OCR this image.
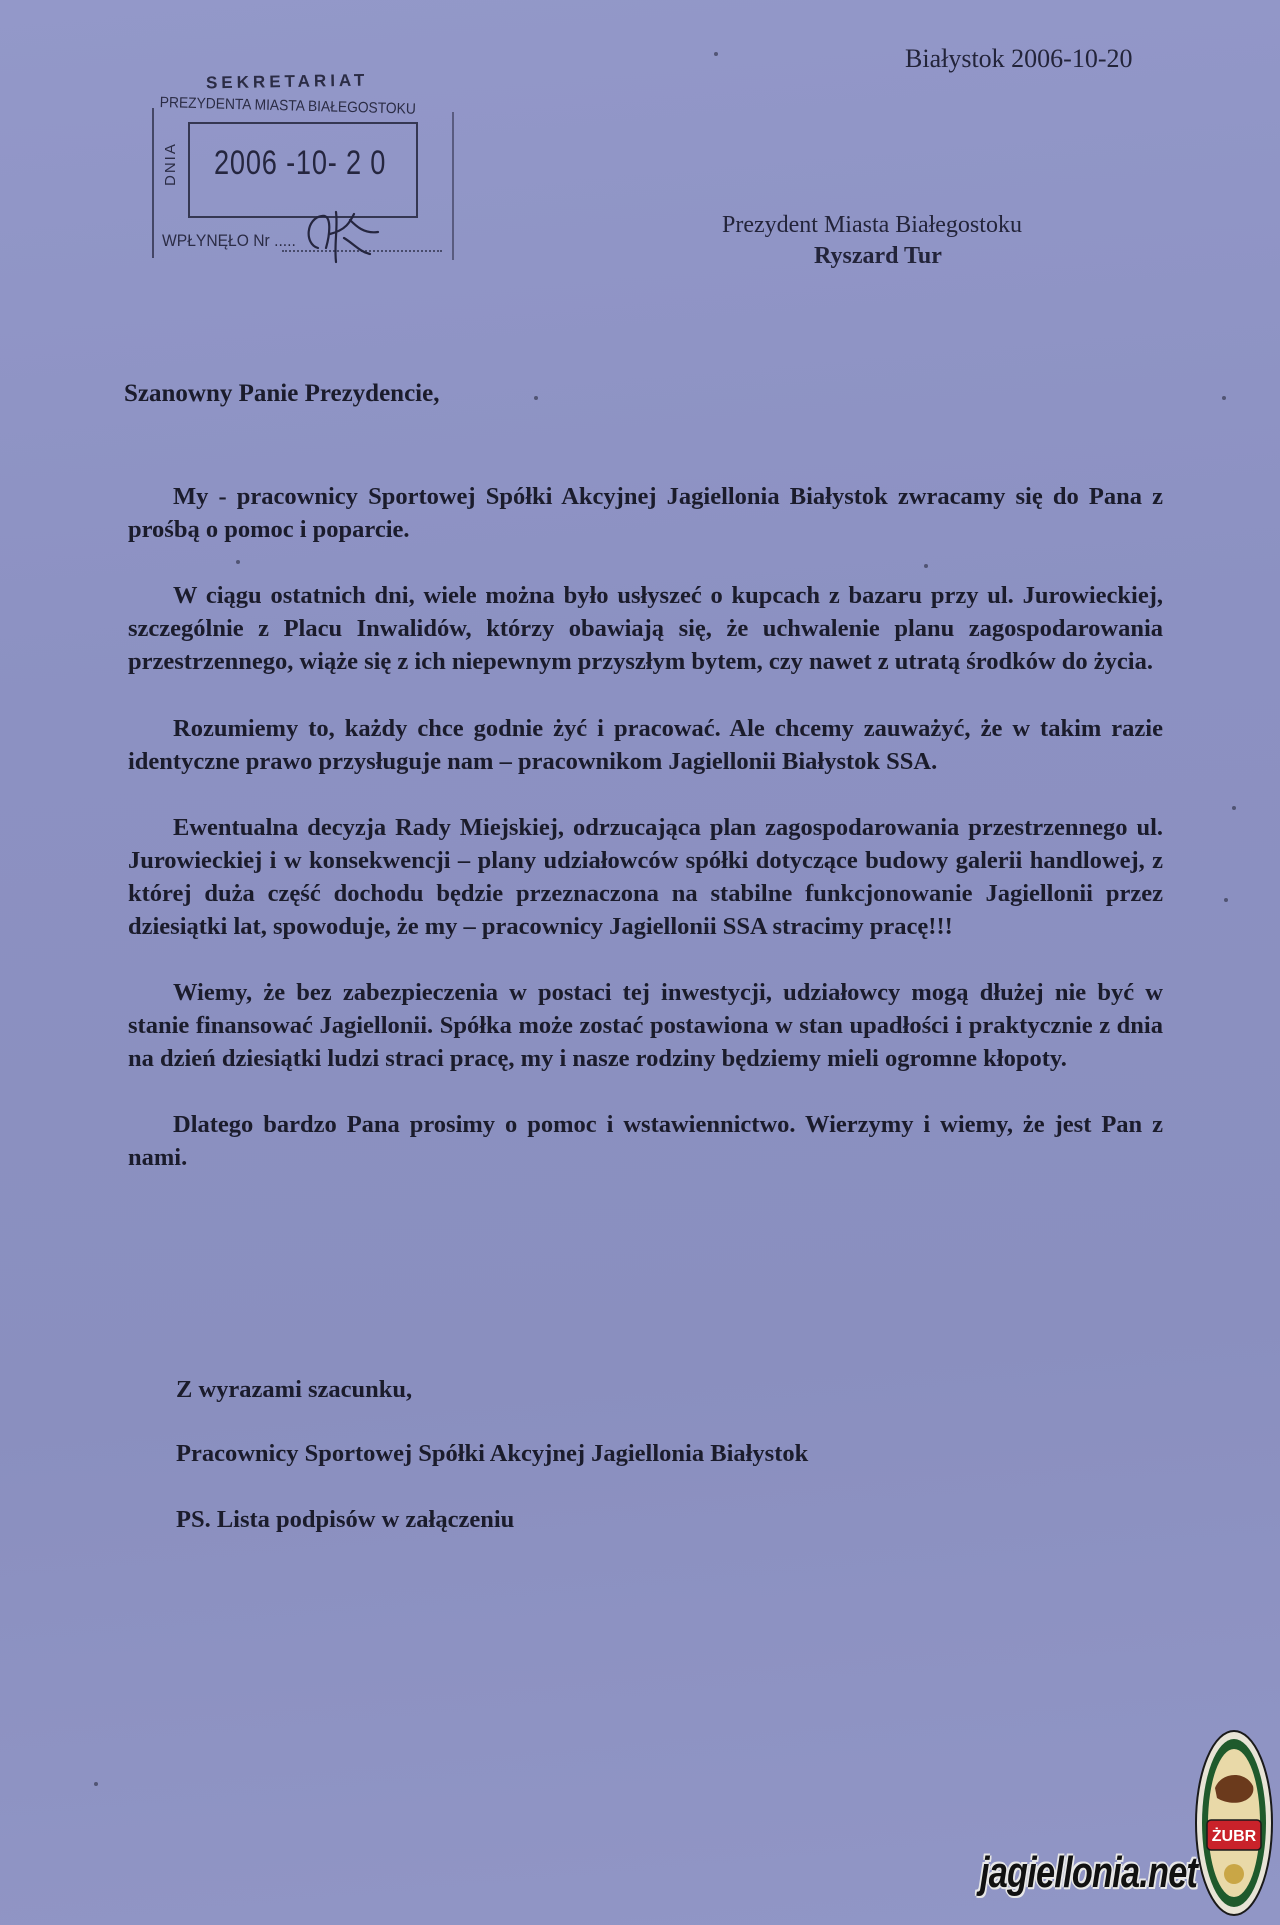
Białystok 2006-10-20
SEKRETARIAT
PREZYDENTA MIASTA BIAŁEGOSTOKU
DNIA 2006 -10- 2 0
WPŁYNĘŁO Nr .....
Prezydent Miasta Białegostoku
Ryszard Tur
Szanowny Panie Prezydencie,

My - pracownicy Sportowej Spółki Akcyjnej Jagiellonia Białystok zwracamy się do Pana z prośbą o pomoc i poparcie.

W ciągu ostatnich dni, wiele można było usłyszeć o kupcach z bazaru przy ul. Jurowieckiej, szczególnie z Placu Inwalidów, którzy obawiają się, że uchwalenie planu zagospodarowania przestrzennego, wiąże się z ich niepewnym przyszłym bytem, czy nawet z utratą środków do życia.

Rozumiemy to, każdy chce godnie żyć i pracować. Ale chcemy zauważyć, że w takim razie identyczne prawo przysługuje nam – pracownikom Jagiellonii Białystok SSA.

Ewentualna decyzja Rady Miejskiej, odrzucająca plan zagospodarowania przestrzennego ul. Jurowieckiej i w konsekwencji – plany udziałowców spółki dotyczące budowy galerii handlowej, z której duża część dochodu będzie przeznaczona na stabilne funkcjonowanie Jagiellonii przez dziesiątki lat, spowoduje, że my – pracownicy Jagiellonii SSA stracimy pracę!!!

Wiemy, że bez zabezpieczenia w postaci tej inwestycji, udziałowcy mogą dłużej nie być w stanie finansować Jagiellonii. Spółka może zostać postawiona w stan upadłości i praktycznie z dnia na dzień dziesiątki ludzi straci pracę, my i nasze rodziny będziemy mieli ogromne kłopoty.

Dlatego bardzo Pana prosimy o pomoc i wstawiennictwo. Wierzymy i wiemy, że jest Pan z nami.

Z wyrazami szacunku,
Pracownicy Sportowej Spółki Akcyjnej Jagiellonia Białystok
PS. Lista podpisów w załączeniu
jagiellonia.net
ŻUBR
